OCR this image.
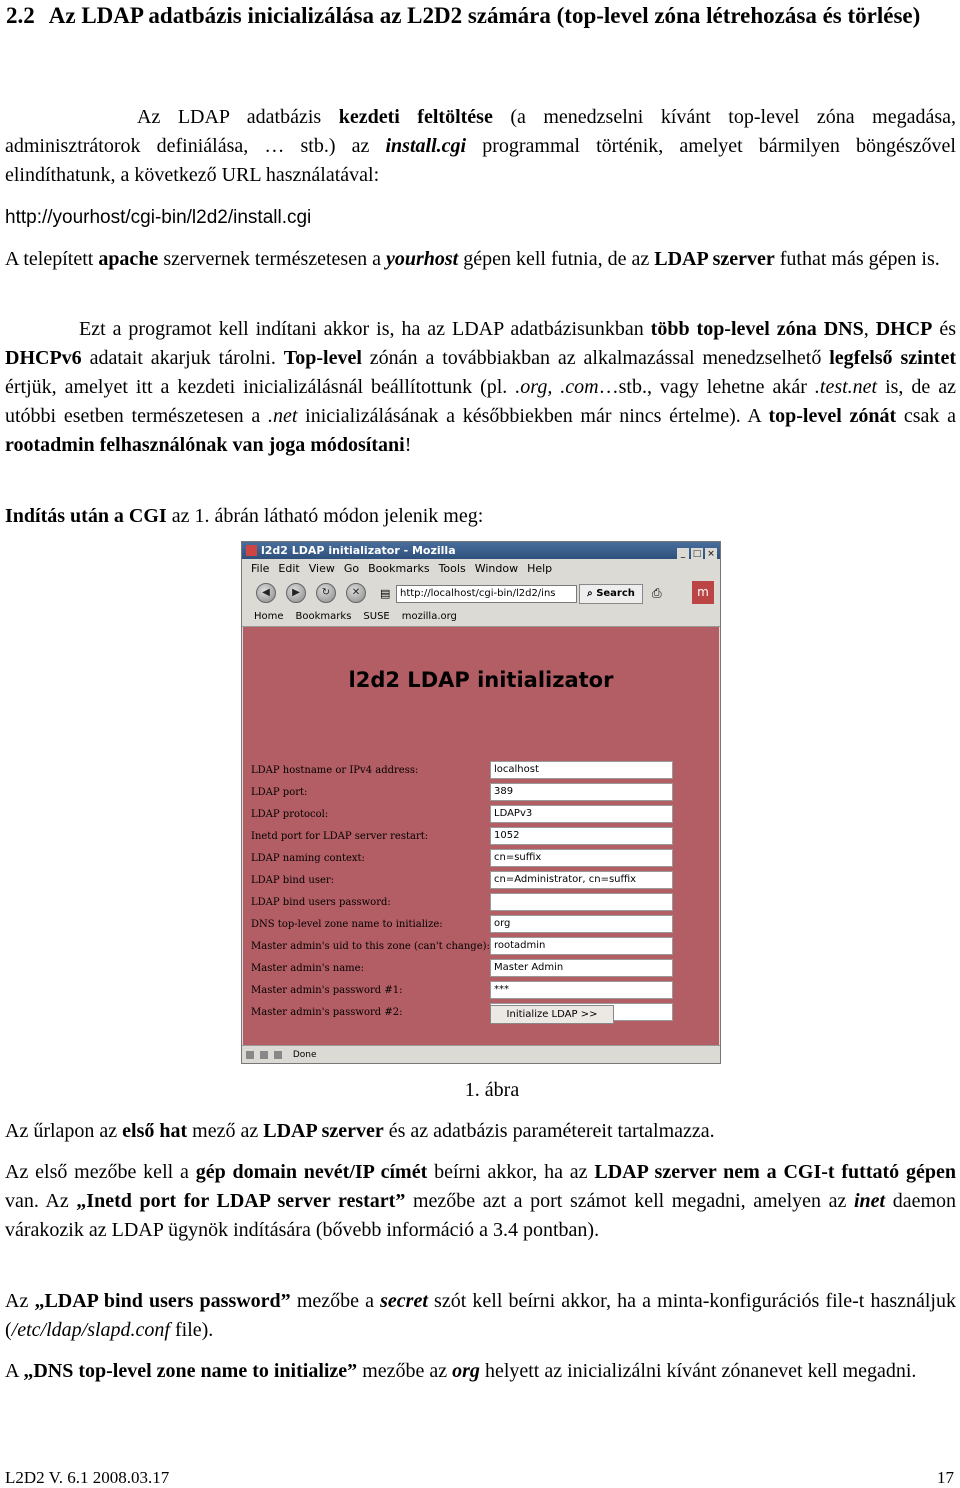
2.2 Az LDAP adatbázis inicializálása az L2D2 számára (top-level zóna létrehozása és törlése)

Az LDAP adatbázis kezdeti feltöltése (a menedzselni kívánt top-level zóna megadása, adminisztrátorok definiálása, … stb.) az install.cgi programmal történik, amelyet bármilyen böngészővel elindíthatunk, a következő URL használatával:

http://yourhost/cgi-bin/l2d2/install.cgi

A telepített apache szervernek természetesen a yourhost gépen kell futnia, de az LDAP szerver futhat más gépen is.

Ezt a programot kell indítani akkor is, ha az LDAP adatbázisunkban több top-level zóna DNS, DHCP és DHCPv6 adatait akarjuk tárolni. Top-level zónán a továbbiakban az alkalmazással menedzselhető legfelső szintet értjük, amelyet itt a kezdeti inicializálásnál beállítottunk (pl. .org, .com…stb., vagy lehetne akár .test.net is, de az utóbbi esetben természetesen a .net inicializálásának a későbbiekben már nincs értelme). A top-level zónát csak a rootadmin felhasználónak van joga módosítani!

Indítás után a CGI az 1. ábrán látható módon jelenik meg:

l2d2 LDAP initializator - Mozilla	_ □ ×
File Edit View Go Bookmarks Tools Window Help
◀	▶	↻	✕	▤ http://localhost/cgi-bin/l2d2/ins	⌕ Search	⎙	m
Home Bookmarks SUSE mozilla.org
l2d2 LDAP initializator
LDAP hostname or IPv4 address:	localhost
LDAP port:	389
LDAP protocol:	LDAPv3
Inetd port for LDAP server restart:	1052
LDAP naming context:	cn=suffix
LDAP bind user:	cn=Administrator, cn=suffix
LDAP bind users password:
DNS top-level zone name to initialize:	org
Master admin's uid to this zone (can't change): rootadmin
Master admin's name:	Master Admin
Master admin's password #1:	***
Master admin's password #2:	Initialize LDAP >>
Done
1. ábra

Az űrlapon az első hat mező az LDAP szerver és az adatbázis paramétereit tartalmazza.

Az első mezőbe kell a gép domain nevét/IP címét beírni akkor, ha az LDAP szerver nem a CGI-t futtató gépen van. Az „Inetd port for LDAP server restart” mezőbe azt a port számot kell megadni, amelyen az inet daemon várakozik az LDAP ügynök indítására (bővebb információ a 3.4 pontban).

Az „LDAP bind users password” mezőbe a secret szót kell beírni akkor, ha a minta-konfigurációs file-t használjuk (/etc/ldap/slapd.conf file).

A „DNS top-level zone name to initialize” mezőbe az org helyett az inicializálni kívánt zónanevet kell megadni.

L2D2 V. 6.1 2008.03.17	17
